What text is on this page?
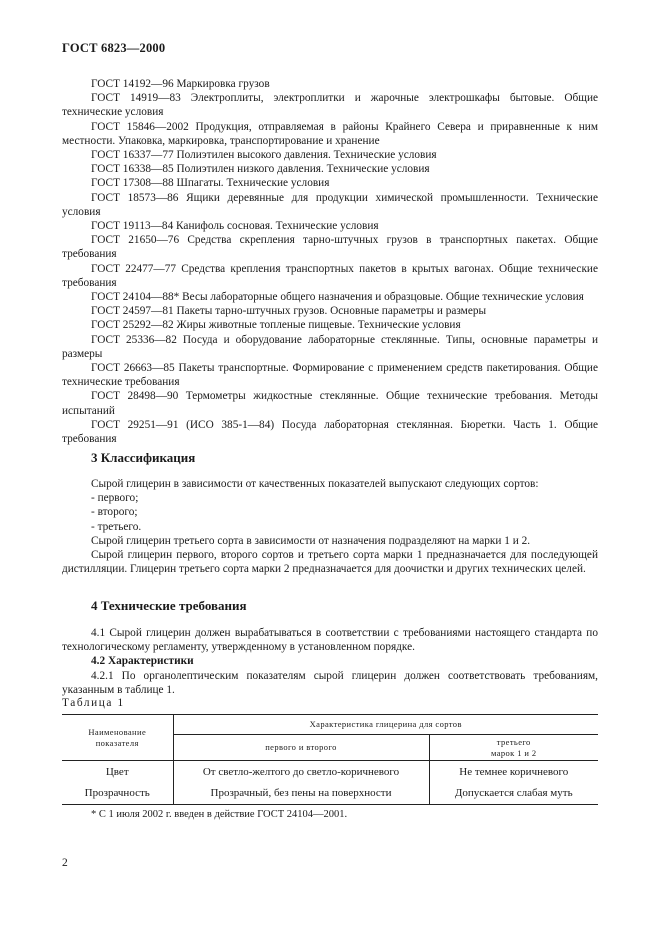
ГОСТ 6823—2000
ГОСТ 14192—96 Маркировка грузов
ГОСТ 14919—83 Электроплиты, электроплитки и жарочные электрошкафы бытовые. Общие технические условия
ГОСТ 15846—2002 Продукция, отправляемая в районы Крайнего Севера и приравненные к ним местности. Упаковка, маркировка, транспортирование и хранение
ГОСТ 16337—77 Полиэтилен высокого давления. Технические условия
ГОСТ 16338—85 Полиэтилен низкого давления. Технические условия
ГОСТ 17308—88 Шпагаты. Технические условия
ГОСТ 18573—86 Ящики деревянные для продукции химической промышленности. Технические условия
ГОСТ 19113—84 Канифоль сосновая. Технические условия
ГОСТ 21650—76 Средства скрепления тарно-штучных грузов в транспортных пакетах. Общие требования
ГОСТ 22477—77 Средства крепления транспортных пакетов в крытых вагонах. Общие технические требования
ГОСТ 24104—88* Весы лабораторные общего назначения и образцовые. Общие технические условия
ГОСТ 24597—81 Пакеты тарно-штучных грузов. Основные параметры и размеры
ГОСТ 25292—82 Жиры животные топленые пищевые. Технические условия
ГОСТ 25336—82 Посуда и оборудование лабораторные стеклянные. Типы, основные параметры и размеры
ГОСТ 26663—85 Пакеты транспортные. Формирование с применением средств пакетирования. Общие технические требования
ГОСТ 28498—90 Термометры жидкостные стеклянные. Общие технические требования. Методы испытаний
ГОСТ 29251—91 (ИСО 385-1—84) Посуда лабораторная стеклянная. Бюретки. Часть 1. Общие требования
3 Классификация
Сырой глицерин в зависимости от качественных показателей выпускают следующих сортов:
- первого;
- второго;
- третьего.
Сырой глицерин третьего сорта в зависимости от назначения подразделяют на марки 1 и 2.
Сырой глицерин первого, второго сортов и третьего сорта марки 1 предназначается для последующей дистилляции. Глицерин третьего сорта марки 2 предназначается для доочистки и других технических целей.
4 Технические требования
4.1 Сырой глицерин должен вырабатываться в соответствии с требованиями настоящего стандарта по технологическому регламенту, утвержденному в установленном порядке.
4.2 Характеристики
4.2.1 По органолептическим показателям сырой глицерин должен соответствовать требованиям, указанным в таблице 1.
Таблица 1
Наименование показателя	Характеристика глицерина для сортов	
	первого и второго	третьего
марок 1 и 2

Цвет	От светло-желтого до светло-коричневого	Не темнее коричневого
Прозрачность	Прозрачный, без пены на поверхности	Допускается слабая муть
* С 1 июля 2002 г. введен в действие ГОСТ 24104—2001.
2
